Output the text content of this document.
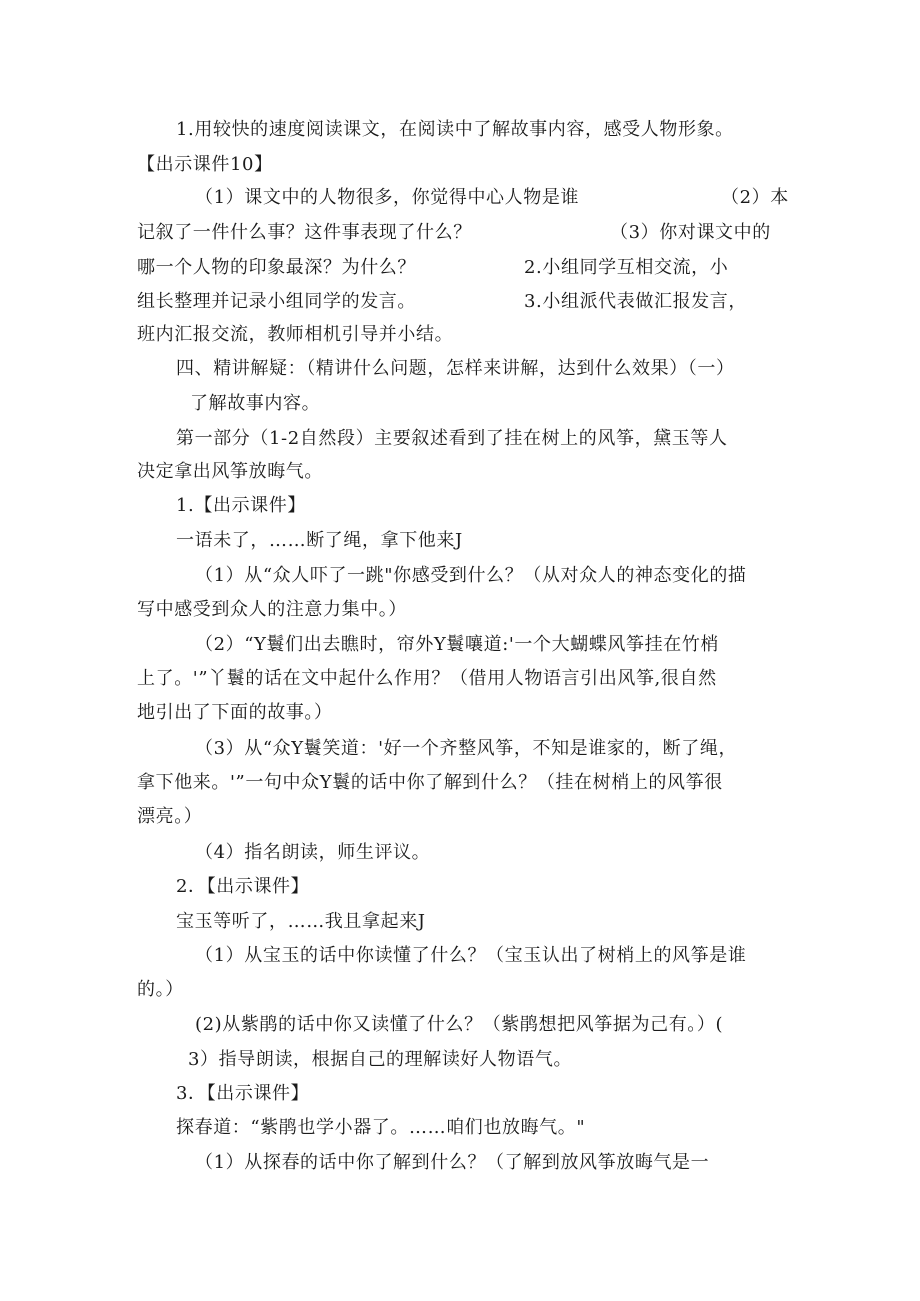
1.用较快的速度阅读课文，在阅读中了解故事内容，感受人物形象。
【出示课件10】
（1）课文中的人物很多，你觉得中心人物是谁	（2）本
记叙了一件什么事？这件事表现了什么？	（3）你对课文中的
哪一个人物的印象最深？为什么？	2.小组同学互相交流，小
组长整理并记录小组同学的发言。	3.小组派代表做汇报发言，
班内汇报交流，教师相机引导并小结。
四、精讲解疑：（精讲什么问题，怎样来讲解，达到什么效果）（一）
了解故事内容。
第一部分（1-2自然段）主要叙述看到了挂在树上的风筝，黛玉等人
决定拿出风筝放晦气。
1.【出示课件】
一语未了，……断了绳，拿下他来J
（1）从“众人吓了一跳"你感受到什么？（从对众人的神态变化的描
写中感受到众人的注意力集中。）
（2）“Y鬟们出去瞧时，帘外Y鬟嚷道:'一个大蝴蝶风筝挂在竹梢
上了。'”丫鬟的话在文中起什么作用？（借用人物语言引出风筝,很自然
地引出了下面的故事。）
（3）从“众Y鬟笑道：'好一个齐整风筝，不知是谁家的，断了绳，
拿下他来。'”一句中众Y鬟的话中你了解到什么？（挂在树梢上的风筝很
漂亮。）
（4）指名朗读，师生评议。
2．【出示课件】
宝玉等听了，……我且拿起来J
（1）从宝玉的话中你读懂了什么？（宝玉认出了树梢上的风筝是谁
的。）
(2)从紫鹃的话中你又读懂了什么？（紫鹃想把风筝据为己有。）(
3）指导朗读，根据自己的理解读好人物语气。
3．【出示课件】
探春道：“紫鹃也学小器了。……咱们也放晦气。"
（1）从探春的话中你了解到什么？（了解到放风筝放晦气是一
